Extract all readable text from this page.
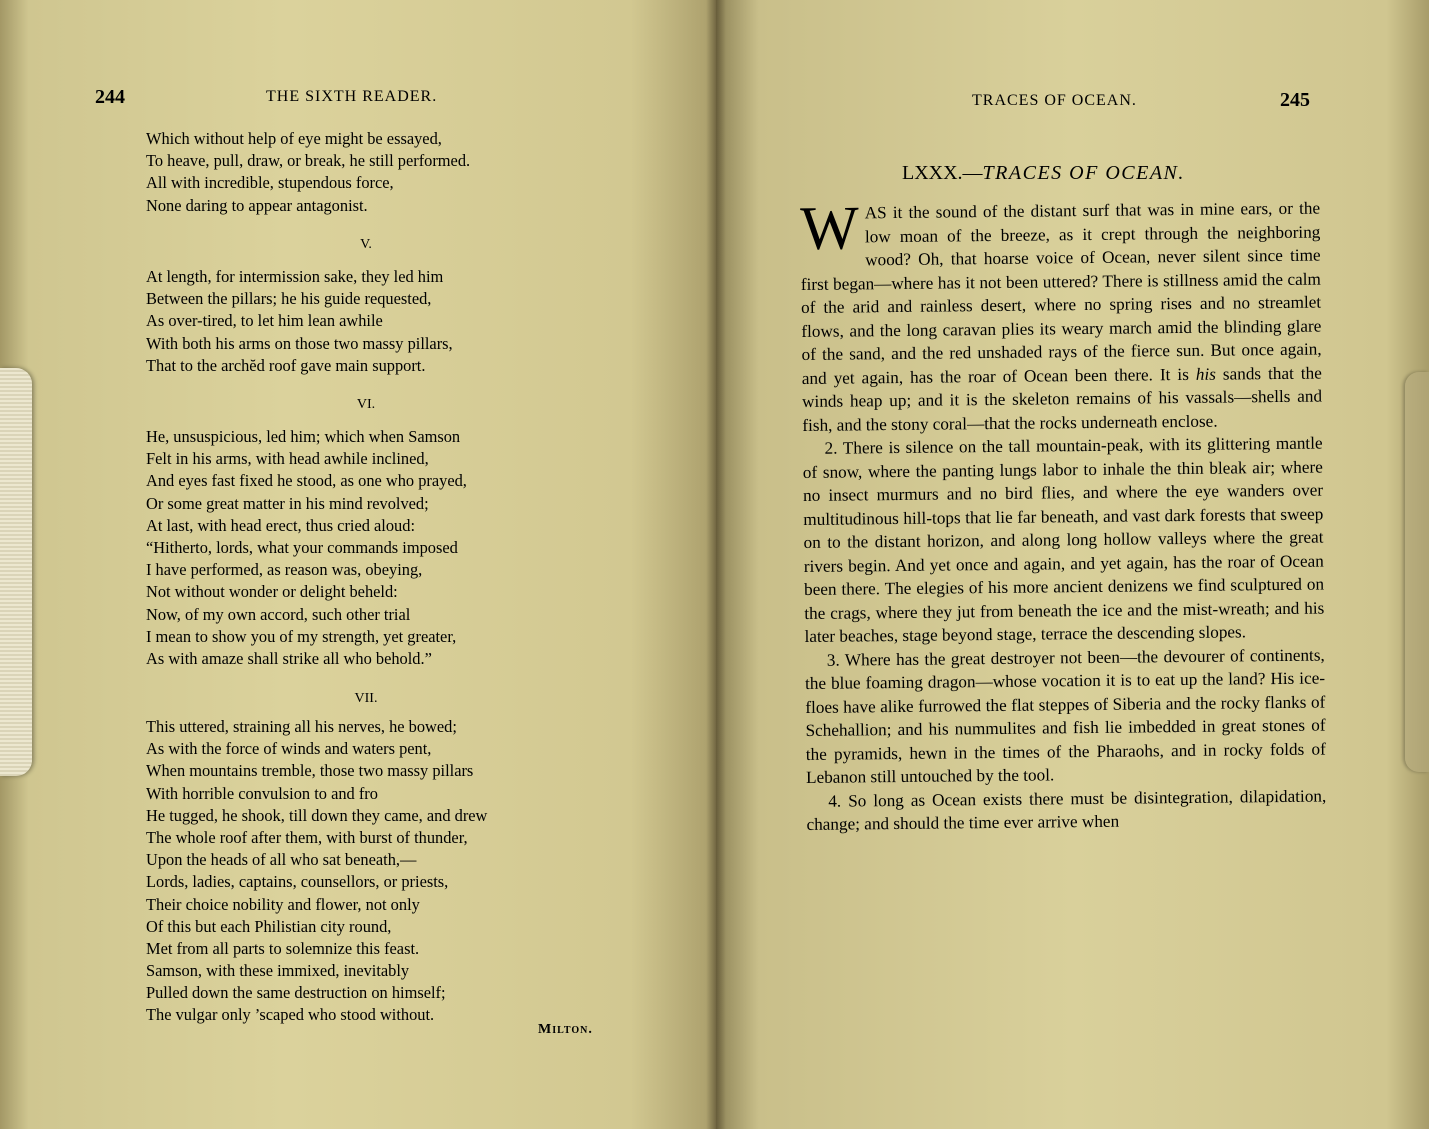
244	THE SIXTH READER.
Which without help of eye might be essayed,
To heave, pull, draw, or break, he still performed.
All with incredible, stupendous force,
None daring to appear antagonist.
V.
At length, for intermission sake, they led him
Between the pillars; he his guide requested,
As over-tired, to let him lean awhile
With both his arms on those two massy pillars,
That to the archĕd roof gave main support.
VI.
He, unsuspicious, led him; which when Samson
Felt in his arms, with head awhile inclined,
And eyes fast fixed he stood, as one who prayed,
Or some great matter in his mind revolved;
At last, with head erect, thus cried aloud:
“Hitherto, lords, what your commands imposed
I have performed, as reason was, obeying,
Not without wonder or delight beheld:
Now, of my own accord, such other trial
I mean to show you of my strength, yet greater,
As with amaze shall strike all who behold.”
VII.
This uttered, straining all his nerves, he bowed;
As with the force of winds and waters pent,
When mountains tremble, those two massy pillars
With horrible convulsion to and fro
He tugged, he shook, till down they came, and drew
The whole roof after them, with burst of thunder,
Upon the heads of all who sat beneath,—
Lords, ladies, captains, counsellors, or priests,
Their choice nobility and flower, not only
Of this but each Philistian city round,
Met from all parts to solemnize this feast.
Samson, with these immixed, inevitably
Pulled down the same destruction on himself;
The vulgar only ’scaped who stood without.
Milton.
TRACES OF OCEAN.	245
LXXX.—TRACES OF OCEAN.

WAS it the sound of the distant surf that was in mine ears, or the low moan of the breeze, as it crept through the neighboring wood? Oh, that hoarse voice of Ocean, never silent since time first began—where has it not been uttered? There is stillness amid the calm of the arid and rainless desert, where no spring rises and no streamlet flows, and the long caravan plies its weary march amid the blinding glare of the sand, and the red unshaded rays of the fierce sun. But once again, and yet again, has the roar of Ocean been there. It is his sands that the winds heap up; and it is the skeleton remains of his vassals—shells and fish, and the stony coral—that the rocks underneath enclose.

2. There is silence on the tall mountain-peak, with its glittering mantle of snow, where the panting lungs labor to inhale the thin bleak air; where no insect murmurs and no bird flies, and where the eye wanders over multitudinous hill-tops that lie far beneath, and vast dark forests that sweep on to the distant horizon, and along long hollow valleys where the great rivers begin. And yet once and again, and yet again, has the roar of Ocean been there. The elegies of his more ancient denizens we find sculptured on the crags, where they jut from beneath the ice and the mist-wreath; and his later beaches, stage beyond stage, terrace the descending slopes.

3. Where has the great destroyer not been—the devourer of continents, the blue foaming dragon—whose vocation it is to eat up the land? His ice-floes have alike furrowed the flat steppes of Siberia and the rocky flanks of Schehallion; and his nummulites and fish lie imbedded in great stones of the pyramids, hewn in the times of the Pharaohs, and in rocky folds of Lebanon still untouched by the tool.

4. So long as Ocean exists there must be disintegration, dilapidation, change; and should the time ever arrive when
